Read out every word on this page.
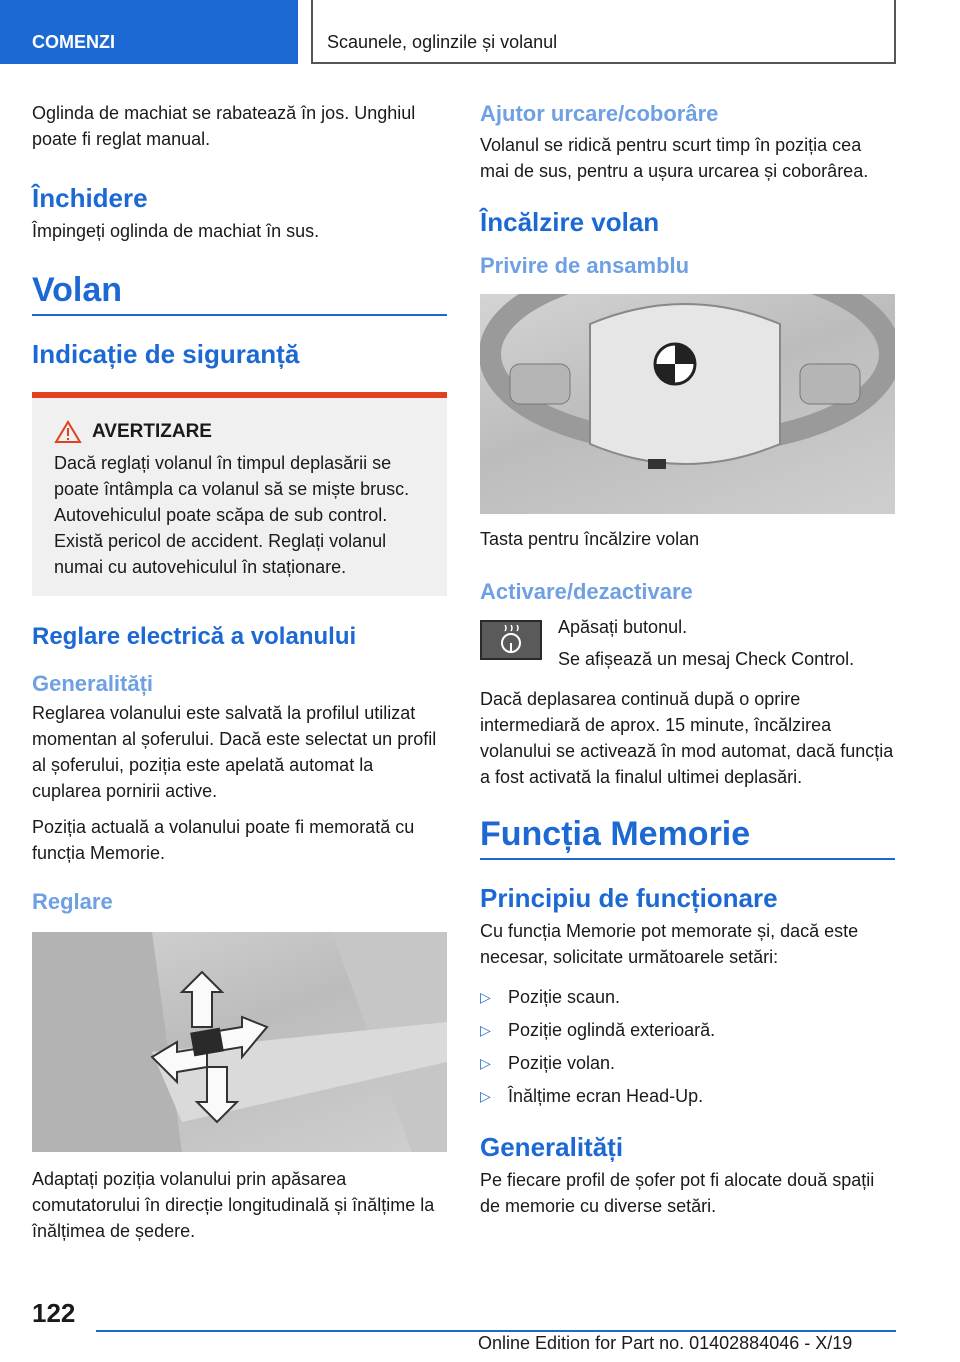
COMENZI	Scaunele, oglinzile și volanul

Oglinda de machiat se rabatează în jos. Unghiul poate fi reglat manual.

Închidere

Împingeți oglinda de machiat în sus.

Volan
Indicație de siguranță
AVERTIZARE

Dacă reglați volanul în timpul deplasării se poate întâmpla ca volanul să se miște brusc. Autovehiculul poate scăpa de sub control. Există pericol de accident. Reglați volanul numai cu autovehiculul în staționare.

Reglare electrică a volanului
Generalități

Reglarea volanului este salvată la profilul utilizat momentan al șoferului. Dacă este selectat un profil al șoferului, poziția este apelată automat la cuplarea pornirii active.

Poziția actuală a volanului poate fi memorată cu funcția Memorie.

Reglare

Adaptați poziția volanului prin apăsarea comutatorului în direcție longitudinală și înălțime la înălțimea de ședere.

Ajutor urcare/coborâre

Volanul se ridică pentru scurt timp în poziția cea mai de sus, pentru a ușura urcarea și coborârea.

Încălzire volan
Privire de ansamblu

Tasta pentru încălzire volan

Activare/dezactivare

Apăsați butonul.

Se afișează un mesaj Check Control.

Dacă deplasarea continuă după o oprire intermediară de aprox. 15 minute, încălzirea volanului se activează în mod automat, dacă funcția a fost activată la finalul ultimei deplasări.

Funcția Memorie
Principiu de funcționare

Cu funcția Memorie pot memorate și, dacă este necesar, solicitate următoarele setări:

▷ Poziție scaun.
▷ Poziție oglindă exterioară.
▷ Poziție volan.
▷ Înălțime ecran Head-Up.
Generalități

Pe fiecare profil de șofer pot fi alocate două spații de memorie cu diverse setări.

122
Online Edition for Part no. 01402884046 - X/19
